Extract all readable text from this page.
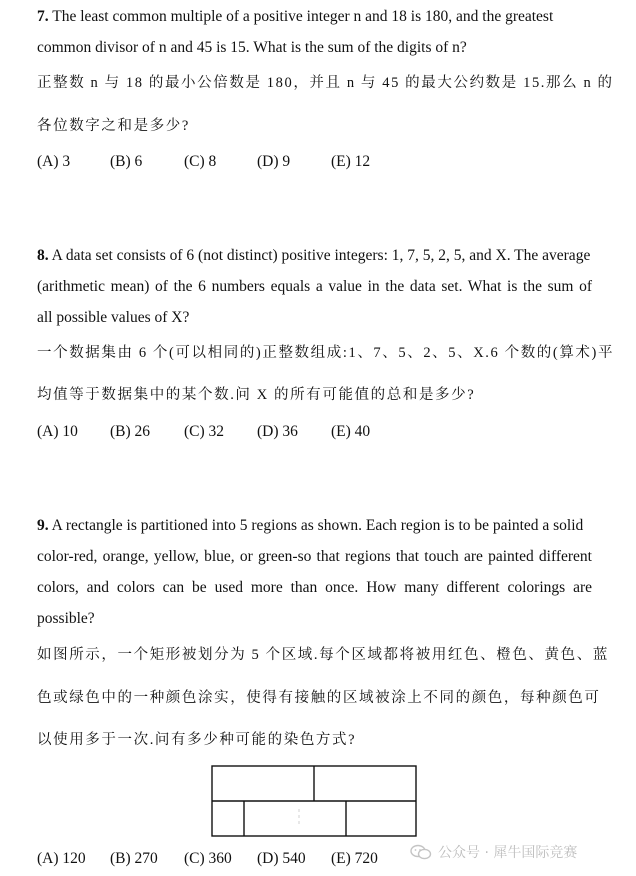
7. The least common multiple of a positive integer n and 18 is 180, and the greatest
common divisor of n and 45 is 15. What is the sum of the digits of n?
正整数 n 与 18 的最小公倍数是 180，并且 n 与 45 的最大公约数是 15.那么 n 的
各位数字之和是多少?
(A) 3	(B) 6	(C) 8	(D) 9	(E) 12
8. A data set consists of 6 (not distinct) positive integers: 1, 7, 5, 2, 5, and X. The average
(arithmetic mean) of the 6 numbers equals a value in the data set. What is the sum of
all possible values of X?
一个数据集由 6 个(可以相同的)正整数组成:1、7、5、2、5、X.6 个数的(算术)平
均值等于数据集中的某个数.问 X 的所有可能值的总和是多少?
(A) 10 (B) 26 (C) 32 (D) 36 (E) 40
9. A rectangle is partitioned into 5 regions as shown. Each region is to be painted a solid
color-red, orange, yellow, blue, or green-so that regions that touch are painted different
colors, and colors can be used more than once. How many different colorings are
possible?
如图所示，一个矩形被划分为 5 个区域.每个区域都将被用红色、橙色、黄色、蓝
色或绿色中的一种颜色涂实，使得有接触的区域被涂上不同的颜色，每种颜色可
以使用多于一次.问有多少种可能的染色方式?
(A) 120 (B) 270 (C) 360 (D) 540 (E) 720	公众号 · 犀牛国际竞赛
